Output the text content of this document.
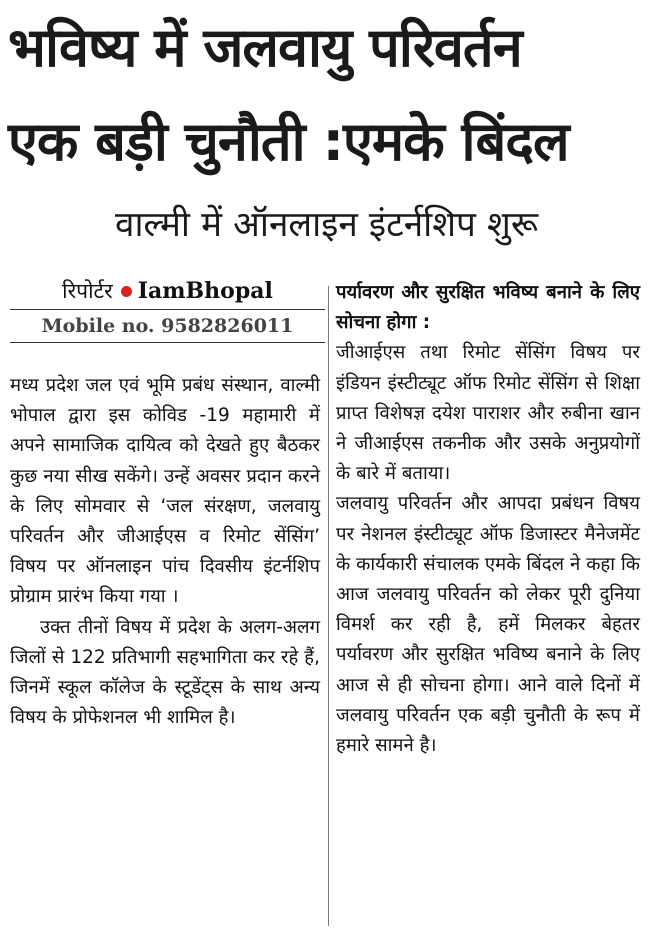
भविष्य में जलवायु परिवर्तन
एक बड़ी चुनौती :एमके बिंदल
वाल्मी में ऑनलाइन इंटर्नशिप शुरू
रिपोर्टर IamBhopal
Mobile no. 9582826011

मध्य प्रदेश जल एवं भूमि प्रबंध संस्थान, वाल्मी भोपाल द्वारा इस कोविड -19 महामारी में अपने सामाजिक दायित्व को देखते हुए बैठकर कुछ नया सीख सकेंगे। उन्हें अवसर प्रदान करने के लिए सोमवार से ‘जल संरक्षण, जलवायु परिवर्तन और जीआईएस व रिमोट सेंसिंग’ विषय पर ऑनलाइन पांच दिवसीय इंटर्नशिप प्रोग्राम प्रारंभ किया गया ।

उक्त तीनों विषय में प्रदेश के अलग-अलग जिलों से 122 प्रतिभागी सहभागिता कर रहे हैं, जिनमें स्कूल कॉलेज के स्टूडेंट्स के साथ अन्य विषय के प्रोफेशनल भी शामिल है।

पर्यावरण और सुरक्षित भविष्य बनाने के लिए सोचना होगा :

जीआईएस तथा रिमोट सेंसिंग विषय पर इंडियन इंस्टीट्यूट ऑफ रिमोट सेंसिंग से शिक्षा प्राप्त विशेषज्ञ दयेश पाराशर और रुबीना खान ने जीआईएस तकनीक और उसके अनुप्रयोगों के बारे में बताया।

जलवायु परिवर्तन और आपदा प्रबंधन विषय पर नेशनल इंस्टीट्यूट ऑफ डिजास्टर मैनेजमेंट के कार्यकारी संचालक एमके बिंदल ने कहा कि आज जलवायु परिवर्तन को लेकर पूरी दुनिया विमर्श कर रही है, हमें मिलकर बेहतर पर्यावरण और सुरक्षित भविष्य बनाने के लिए आज से ही सोचना होगा। आने वाले दिनों में जलवायु परिवर्तन एक बड़ी चुनौती के रूप में हमारे सामने है।
